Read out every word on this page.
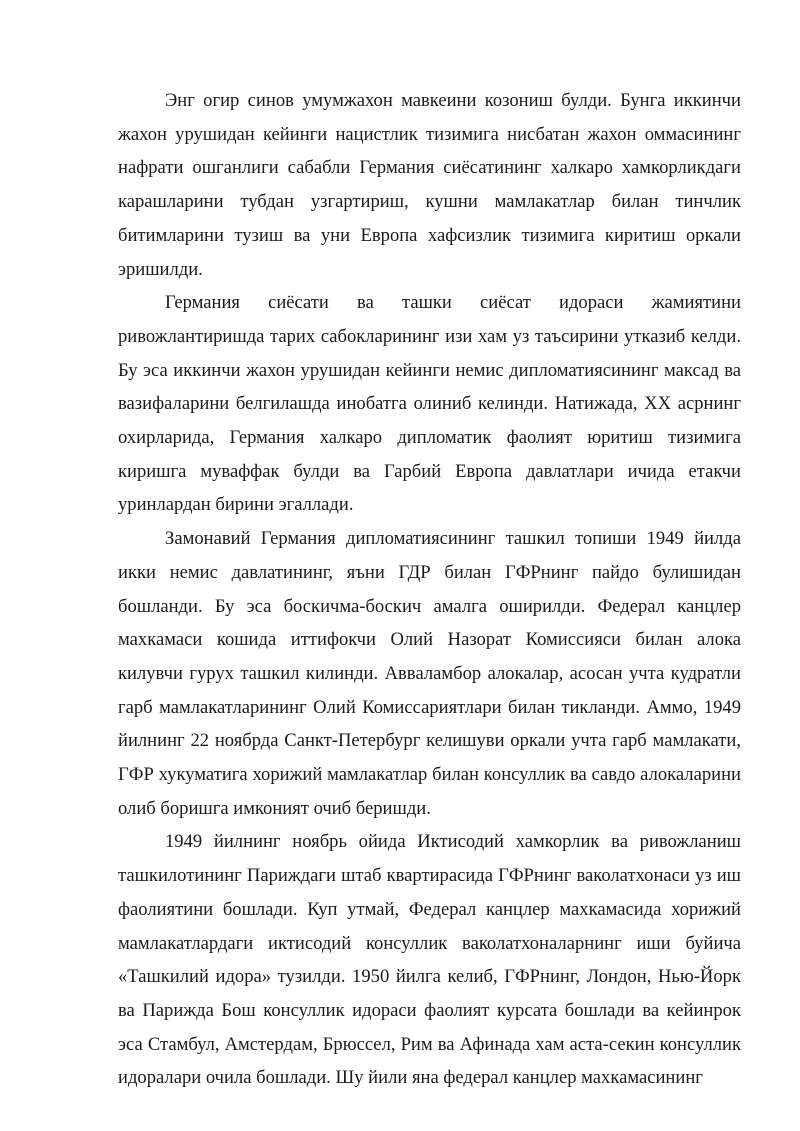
Энг огир синов умумжахон мавкеини козониш булди. Бунга иккинчи жахон урушидан кейинги нацистлик тизимига нисбатан жахон оммасининг нафрати ошганлиги сабабли Германия сиёсатининг халкаро хамкорликдаги карашларини тубдан узгартириш, кушни мамлакатлар билан тинчлик битимларини тузиш ва уни Европа хафсизлик тизимига киритиш оркали эришилди.

Германия сиёсати ва ташки сиёсат идораси жамиятини ривожлантиришда тарих сабокларининг изи хам уз таъсирини утказиб келди. Бу эса иккинчи жахон урушидан кейинги немис дипломатиясининг максад ва вазифаларини белгилашда инобатга олиниб келинди. Натижада, XX асрнинг охирларида, Германия халкаро дипломатик фаолият юритиш тизимига киришга муваффак булди ва Гарбий Европа давлатлари ичида етакчи уринлардан бирини эгаллади.

Замонавий Германия дипломатиясининг ташкил топиши 1949 йилда икки немис давлатининг, яъни ГДР билан ГФРнинг пайдо булишидан бошланди. Бу эса боскичма-боскич амалга оширилди. Федерал канцлер махкамаси кошида иттифокчи Олий Назорат Комиссияси билан алока килувчи гурух ташкил килинди. Аввaламбор алокалар, асосан учта кудратли гарб мамлакатларининг Олий Комиссариятлари билан тикланди. Аммо, 1949 йилнинг 22 ноябрда Санкт-Петербург келишуви оркали учта гарб мамлакати, ГФР хукуматига хорижий мамлакатлар билан консуллик ва савдо алокаларини олиб боришга имконият очиб беришди.

1949 йилнинг ноябрь ойида Иктисодий хамкорлик ва ривожланиш ташкилотининг Париждаги штаб квартирасида ГФРнинг ваколатхонаси уз иш фаолиятини бошлади. Куп утмай, Федерал канцлер махкамасида хорижий мамлакатлардаги иктисодий консуллик ваколатхоналарнинг иши буйича «Ташкилий идора» тузилди. 1950 йилга келиб, ГФРнинг, Лондон, Нью-Йорк ва Парижда Бош консуллик идораси фаолият курсата бошлади ва кейинрок эса Стамбул, Амстердам, Брюссел, Рим ва Афинада хам аста-секин консуллик идоралари очила бошлади. Шу йили яна федерал канцлер махкамасининг
